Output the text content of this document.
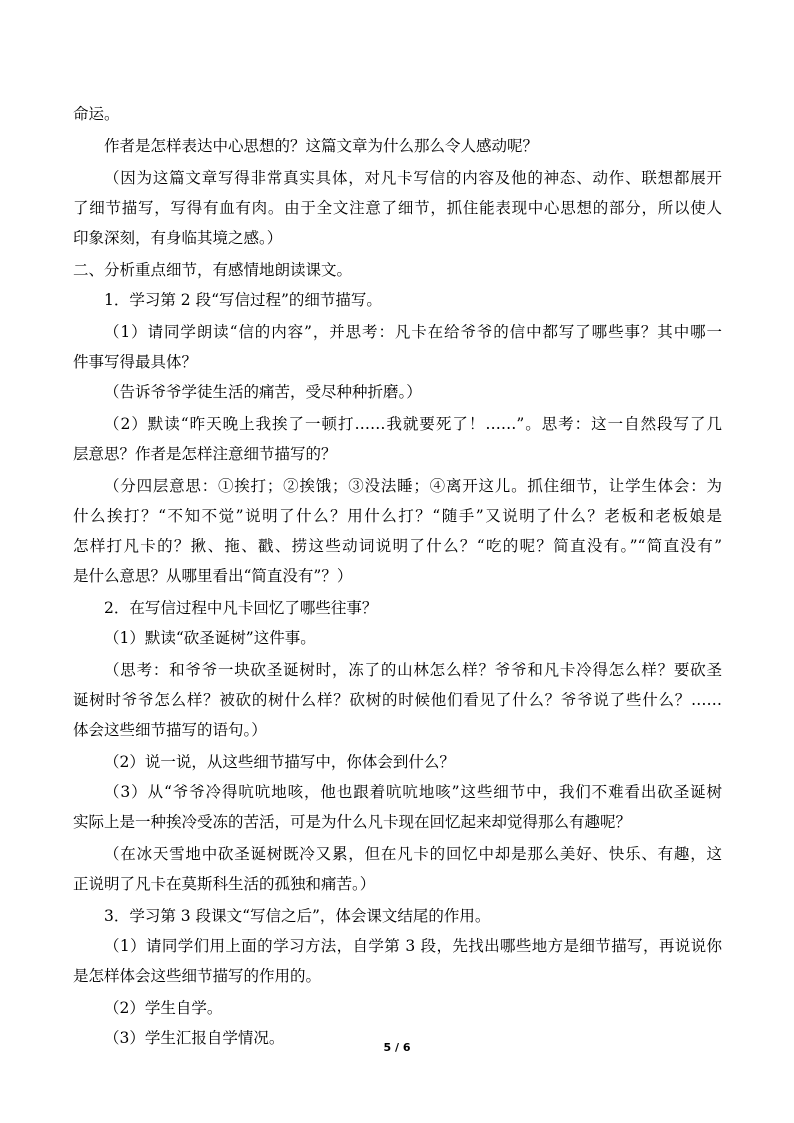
命运。
作者是怎样表达中心思想的？这篇文章为什么那么令人感动呢？
（因为这篇文章写得非常真实具体，对凡卡写信的内容及他的神态、动作、联想都展开
了细节描写，写得有血有肉。由于全文注意了细节，抓住能表现中心思想的部分，所以使人
印象深刻，有身临其境之感。）
二、分析重点细节，有感情地朗读课文。
1．学习第 2 段“写信过程”的细节描写。
（1）请同学朗读“信的内容”，并思考：凡卡在给爷爷的信中都写了哪些事？其中哪一
件事写得最具体？
（告诉爷爷学徒生活的痛苦，受尽种种折磨。）
（2）默读“昨天晚上我挨了一顿打……我就要死了！……”。思考：这一自然段写了几
层意思？作者是怎样注意细节描写的？
（分四层意思：①挨打；②挨饿；③没法睡；④离开这儿。抓住细节，让学生体会：为
什么挨打？“不知不觉”说明了什么？用什么打？“随手”又说明了什么？老板和老板娘是
怎样打凡卡的？揪、拖、戳、捞这些动词说明了什么？“吃的呢？简直没有。”“简直没有”
是什么意思？从哪里看出“简直没有”？）
2．在写信过程中凡卡回忆了哪些往事？
（1）默读“砍圣诞树”这件事。
（思考：和爷爷一块砍圣诞树时，冻了的山林怎么样？爷爷和凡卡冷得怎么样？要砍圣
诞树时爷爷怎么样？被砍的树什么样？砍树的时候他们看见了什么？爷爷说了些什么？……
体会这些细节描写的语句。）
（2）说一说，从这些细节描写中，你体会到什么？
（3）从“爷爷冷得吭吭地咳，他也跟着吭吭地咳”这些细节中，我们不难看出砍圣诞树
实际上是一种挨冷受冻的苦活，可是为什么凡卡现在回忆起来却觉得那么有趣呢？
（在冰天雪地中砍圣诞树既冷又累，但在凡卡的回忆中却是那么美好、快乐、有趣，这
正说明了凡卡在莫斯科生活的孤独和痛苦。）
3．学习第 3 段课文“写信之后”，体会课文结尾的作用。
（1）请同学们用上面的学习方法，自学第 3 段，先找出哪些地方是细节描写，再说说你
是怎样体会这些细节描写的作用的。
（2）学生自学。
（3）学生汇报自学情况。
5 / 6
